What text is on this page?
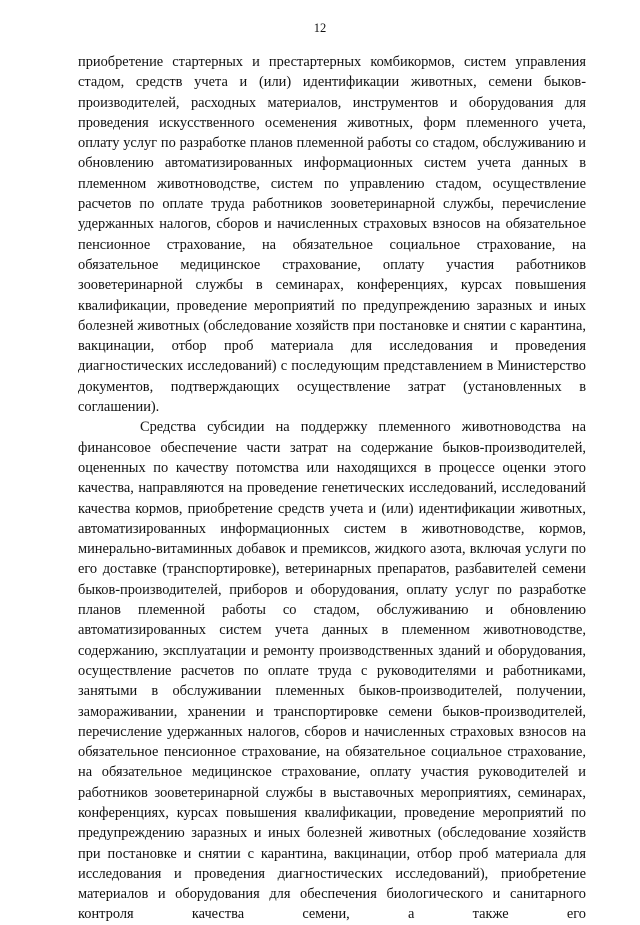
12

приобретение стартерных и престартерных комбикормов, систем управления стадом, средств учета и (или) идентификации животных, семени быков-производителей, расходных материалов, инструментов и оборудования для проведения искусственного осеменения животных, форм племенного учета, оплату услуг по разработке планов племенной работы со стадом, обслуживанию и обновлению автоматизированных информационных систем учета данных в племенном животноводстве, систем по управлению стадом, осуществление расчетов по оплате труда работников зооветеринарной службы, перечисление удержанных налогов, сборов и начисленных страховых взносов на обязательное пенсионное страхование, на обязательное социальное страхование, на обязательное медицинское страхование, оплату участия работников зооветеринарной службы в семинарах, конференциях, курсах повышения квалификации, проведение мероприятий по предупреждению заразных и иных болезней животных (обследование хозяйств при постановке и снятии с карантина, вакцинации, отбор проб материала для исследования и проведения диагностических исследований) с последующим представлением в Министерство документов, подтверждающих осуществление затрат (установленных в соглашении).

Средства субсидии на поддержку племенного животноводства на финансовое обеспечение части затрат на содержание быков-производителей, оцененных по качеству потомства или находящихся в процессе оценки этого качества, направляются на проведение генетических исследований, исследований качества кормов, приобретение средств учета и (или) идентификации животных, автоматизированных информационных систем в животноводстве, кормов, минерально-витаминных добавок и премиксов, жидкого азота, включая услуги по его доставке (транспортировке), ветеринарных препаратов, разбавителей семени быков-производителей, приборов и оборудования, оплату услуг по разработке планов племенной работы со стадом, обслуживанию и обновлению автоматизированных систем учета данных в племенном животноводстве, содержанию, эксплуатации и ремонту производственных зданий и оборудования, осуществление расчетов по оплате труда с руководителями и работниками, занятыми в обслуживании племенных быков-производителей, получении, замораживании, хранении и транспортировке семени быков-производителей, перечисление удержанных налогов, сборов и начисленных страховых взносов на обязательное пенсионное страхование, на обязательное социальное страхование, на обязательное медицинское страхование, оплату участия руководителей и работников зооветеринарной службы в выставочных мероприятиях, семинарах, конференциях, курсах повышения квалификации, проведение мероприятий по предупреждению заразных и иных болезней животных (обследование хозяйств при постановке и снятии с карантина, вакцинации, отбор проб материала для исследования и проведения диагностических исследований), приобретение материалов и оборудования для обеспечения биологического и санитарного контроля качества семени, а также его
